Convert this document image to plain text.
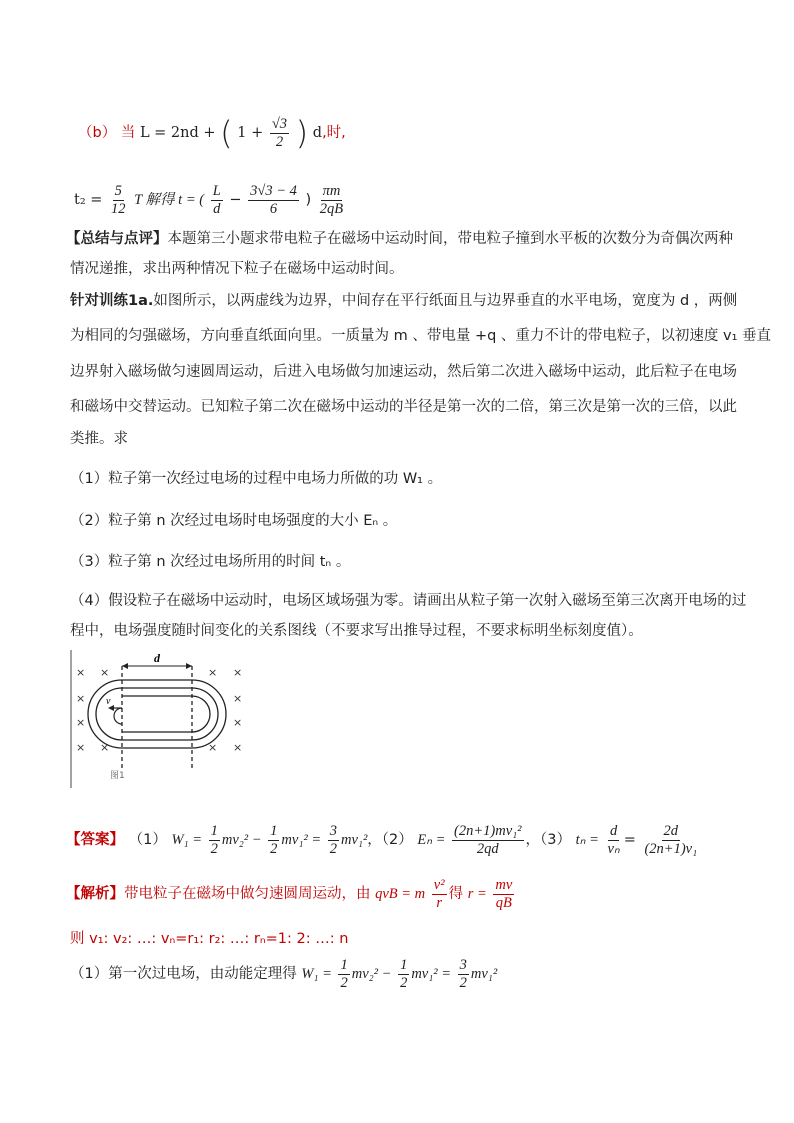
（b） 当 L = 2nd + ( $1 + \frac{√3}{2}$ ) d,时,
$t_2 = \frac{5}{12}$ T 解得 t = ( $\frac{L}{d} - \frac{3√3 - 4}{6}$ ) $\frac{\pi m}{2qB}$
【总结与点评】本题第三小题求带电粒子在磁场中运动时间，带电粒子撞到水平板的次数分为奇偶次两种
情况递推，求出两种情况下粒子在磁场中运动时间。
针对训练1a.如图所示，以两虚线为边界，中间存在平行纸面且与边界垂直的水平电场，宽度为 d ，两侧
为相同的匀强磁场，方向垂直纸面向里。一质量为 m 、带电量 +q 、重力不计的带电粒子，以初速度 v₁ 垂直
边界射入磁场做匀速圆周运动，后进入电场做匀加速运动，然后第二次进入磁场中运动，此后粒子在电场
和磁场中交替运动。已知粒子第二次在磁场中运动的半径是第一次的二倍，第三次是第一次的三倍，以此
类推。求
（1）粒子第一次经过电场的过程中电场力所做的功 W₁ 。
（2）粒子第 n 次经过电场时电场强度的大小 Eₙ 。
（3）粒子第 n 次经过电场所用的时间 tₙ 。
（4）假设粒子在磁场中运动时，电场区域场强为零。请画出从粒子第一次射入磁场至第三次离开电场的过
程中，电场强度随时间变化的关系图线（不要求写出推导过程，不要求标明坐标刻度值）。
×
×
×
×
×
×
× ×
×
×
× ×
d
v
图1
【答案】 （1） $W_1 = \frac{1}{2} mv_2^2 - \frac{1}{2} mv_1^2 = \frac{3}{2} mv_1^2$，（2） $E_n = \frac{\text{(2n+1)mv₁²}}{2qd}$ ，（3） $t_n = \frac{d}{\text{vₙ}} = \frac{2d}{\text{(2n+1)v₁}}$
【解析】带电粒子在磁场中做匀速圆周运动，由 qvB = m $\frac{\text{v²}}{r}$ 得 $r = \frac{mv}{qB}$
则 v₁: v₂: …: vₙ=r₁: r₂: …: rₙ=1: 2: …: n
（1）第一次过电场，由动能定理得 $W_1 = \frac{1}{2} mv_2^2 - \frac{1}{2} mv_1^2 = \frac{3}{2} mv_1^2$
